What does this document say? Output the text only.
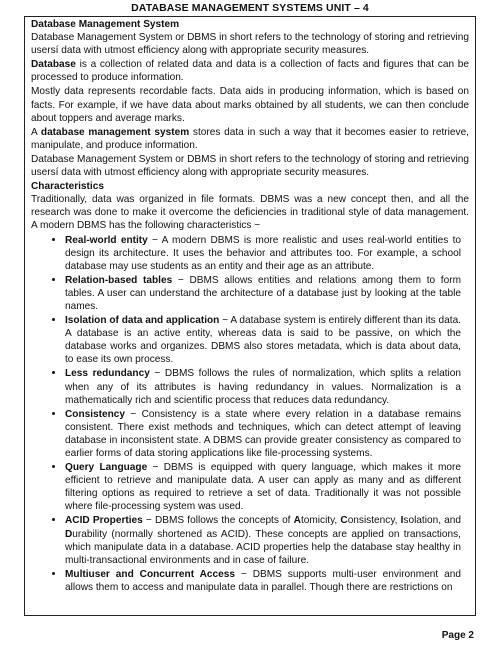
DATABASE MANAGEMENT SYSTEMS UNIT – 4

Database Management System

Database Management System or DBMS in short refers to the technology of storing and retrieving usersí data with utmost efficiency along with appropriate security measures.

Database is a collection of related data and data is a collection of facts and figures that can be processed to produce information.

Mostly data represents recordable facts. Data aids in producing information, which is based on facts. For example, if we have data about marks obtained by all students, we can then conclude about toppers and average marks.

A database management system stores data in such a way that it becomes easier to retrieve, manipulate, and produce information.

Database Management System or DBMS in short refers to the technology of storing and retrieving usersí data with utmost efficiency along with appropriate security measures.

Characteristics

Traditionally, data was organized in file formats. DBMS was a new concept then, and all the research was done to make it overcome the deficiencies in traditional style of data management. A modern DBMS has the following characteristics −

• Real-world entity − A modern DBMS is more realistic and uses real-world entities to design its architecture. It uses the behavior and attributes too. For example, a school database may use students as an entity and their age as an attribute.
• Relation-based tables − DBMS allows entities and relations among them to form tables. A user can understand the architecture of a database just by looking at the table names.
• Isolation of data and application − A database system is entirely different than its data. A database is an active entity, whereas data is said to be passive, on which the database works and organizes. DBMS also stores metadata, which is data about data, to ease its own process.
• Less redundancy − DBMS follows the rules of normalization, which splits a relation when any of its attributes is having redundancy in values. Normalization is a mathematically rich and scientific process that reduces data redundancy.
• Consistency − Consistency is a state where every relation in a database remains consistent. There exist methods and techniques, which can detect attempt of leaving database in inconsistent state. A DBMS can provide greater consistency as compared to earlier forms of data storing applications like file-processing systems.
• Query Language − DBMS is equipped with query language, which makes it more efficient to retrieve and manipulate data. A user can apply as many and as different filtering options as required to retrieve a set of data. Traditionally it was not possible where file-processing system was used.
• ACID Properties − DBMS follows the concepts of Atomicity, Consistency, Isolation, and Durability (normally shortened as ACID). These concepts are applied on transactions, which manipulate data in a database. ACID properties help the database stay healthy in multi-transactional environments and in case of failure.
• Multiuser and Concurrent Access − DBMS supports multi-user environment and allows them to access and manipulate data in parallel. Though there are restrictions on
Page 2
